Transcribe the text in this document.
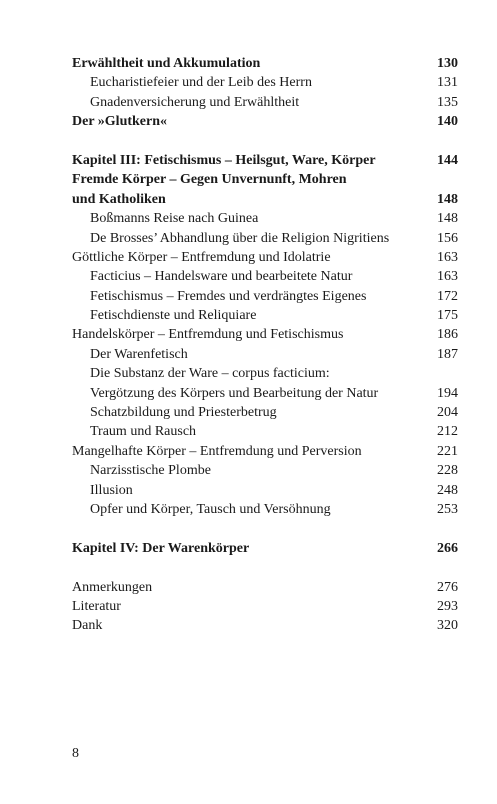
Erwähltheit und Akkumulation	130
Eucharistiefeier und der Leib des Herrn	131
Gnadenversicherung und Erwähltheit	135
Der »Glutkern«	140
Kapitel III: Fetischismus – Heilsgut, Ware, Körper	144
Fremde Körper – Gegen Unvernunft, Mohren
und Katholiken	148
Boßmanns Reise nach Guinea	148
De Brosses’ Abhandlung über die Religion Nigritiens	156
Göttliche Körper – Entfremdung und Idolatrie	163
Facticius – Handelsware und bearbeitete Natur	163
Fetischismus – Fremdes und verdrängtes Eigenes	172
Fetischdienste und Reliquiare	175
Handelskörper – Entfremdung und Fetischismus	186
Der Warenfetisch	187
Die Substanz der Ware – corpus facticium:
Vergötzung des Körpers und Bearbeitung der Natur	194
Schatzbildung und Priesterbetrug	204
Traum und Rausch	212
Mangelhafte Körper – Entfremdung und Perversion	221
Narzisstische Plombe	228
Illusion	248
Opfer und Körper, Tausch und Versöhnung	253
Kapitel IV: Der Warenkörper	266
Anmerkungen	276
Literatur	293
Dank	320
8
